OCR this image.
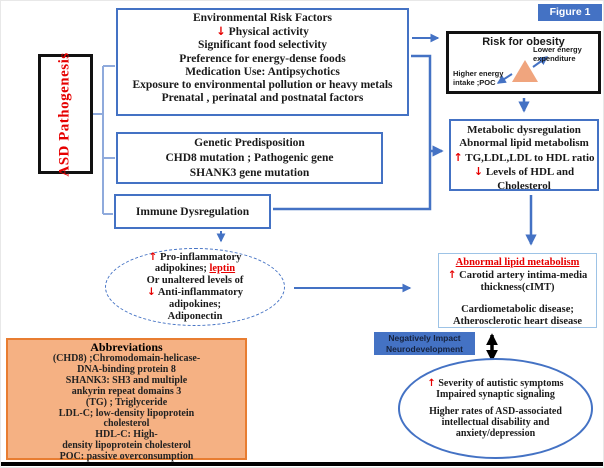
Figure 1
ASD Pathogenesis
Environmental Risk Factors
↓ Physical activity
Significant food selectivity
Preference for energy-dense foods
Medication Use: Antipsychotics
Exposure to environmental pollution or heavy metals
Prenatal , perinatal and postnatal factors
Genetic Predisposition
CHD8 mutation ; Pathogenic gene
SHANK3 gene mutation
Immune Dysregulation
Risk for obesity
Lower energy expenditure
Higher energy intake ;POC
Metabolic dysregulation
Abnormal lipid metabolism
↑ TG,LDL,LDL to HDL ratio
↓ Levels of HDL and Cholesterol
↑ Pro-inflammatory adipokines; leptin
Or unaltered levels of
↓ Anti-inflammatory adipokines;
Adiponectin
Abnormal lipid metabolism
↑ Carotid artery intima-media thickness(cIMT)
Cardiometabolic disease;
Atherosclerotic heart disease
Negatively Impact
Neurodevelopment
↑ Severity of autistic symptoms
Impaired synaptic signaling
Higher rates of ASD-associated intellectual disability and anxiety/depression
Abbreviations
(CHD8) ;Chromodomain-helicase-
DNA-binding protein 8
SHANK3: SH3 and multiple
ankyrin repeat domains 3
(TG) ; Triglyceride
LDL-C; low-density lipoprotein
cholesterol
HDL-C: High-
density lipoprotein cholesterol
POC: passive overconsumption
